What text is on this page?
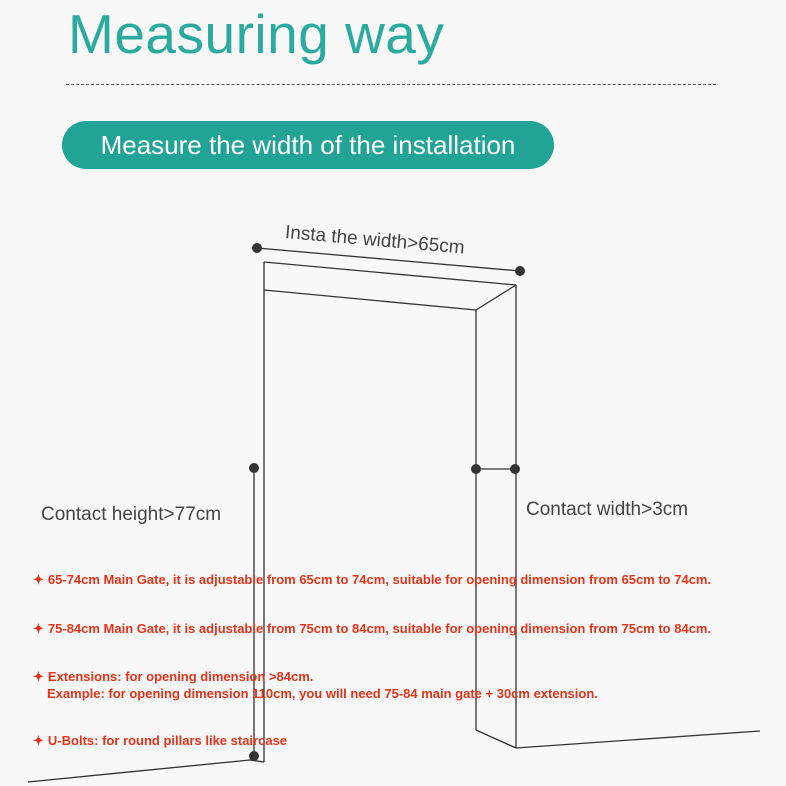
Measuring way
Measure the width of the installation
Insta the width>65cm
Contact height>77cm	Contact width>3cm
✦ 65-74cm Main Gate, it is adjustable from 65cm to 74cm, suitable for opening dimension from 65cm to 74cm.
✦ 75-84cm Main Gate, it is adjustable from 75cm to 84cm, suitable for opening dimension from 75cm to 84cm.
✦ Extensions: for opening dimension >84cm.
Example: for opening dimension 110cm, you will need 75-84 main gate + 30cm extension.
✦ U-Bolts: for round pillars like staircase
